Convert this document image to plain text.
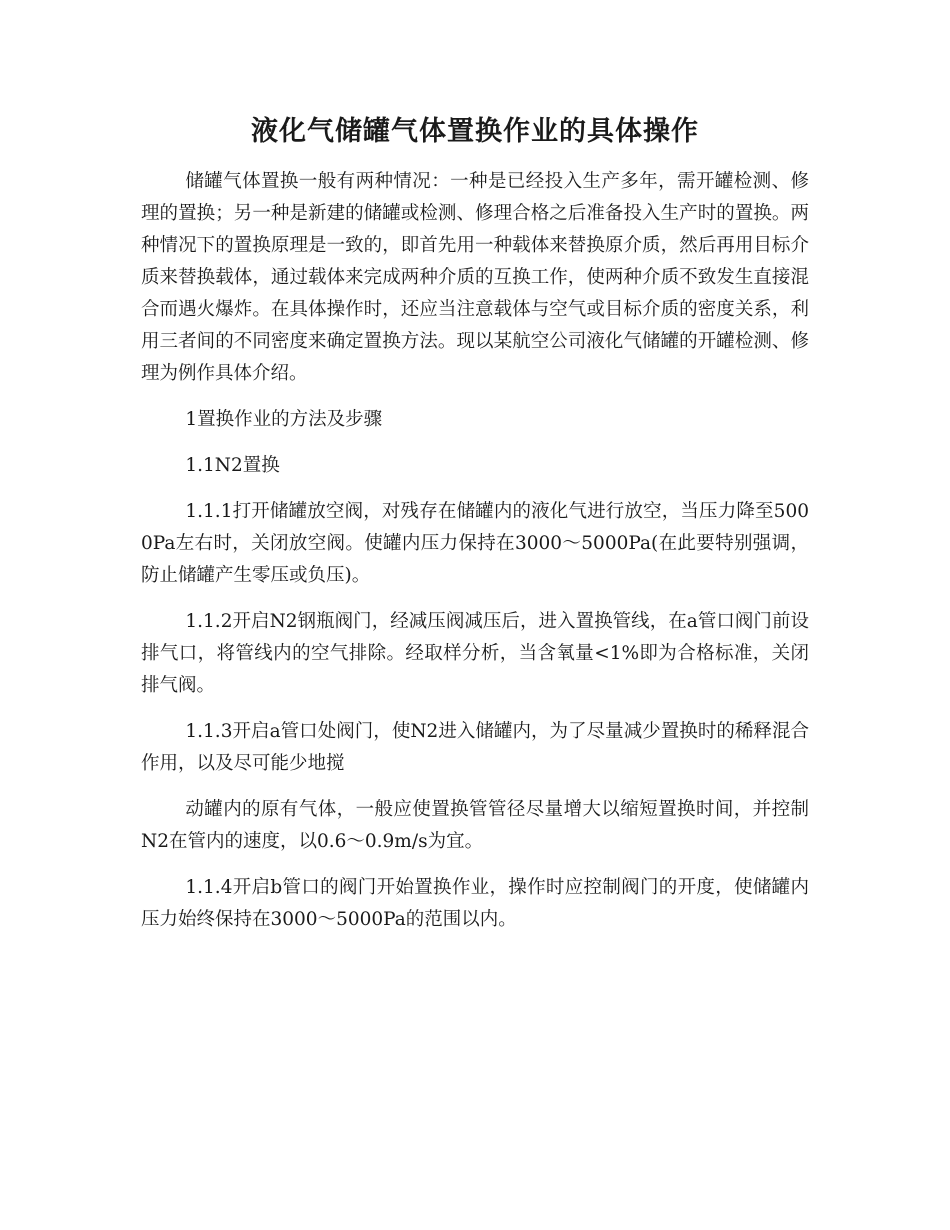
液化气储罐气体置换作业的具体操作

储罐气体置换一般有两种情况：一种是已经投入生产多年，需开罐检测、修理的置换；另一种是新建的储罐或检测、修理合格之后准备投入生产时的置换。两种情况下的置换原理是一致的，即首先用一种载体来替换原介质，然后再用目标介质来替换载体，通过载体来完成两种介质的互换工作，使两种介质不致发生直接混合而遇火爆炸。在具体操作时，还应当注意载体与空气或目标介质的密度关系，利用三者间的不同密度来确定置换方法。现以某航空公司液化气储罐的开罐检测、修理为例作具体介绍。

1置换作业的方法及步骤

1.1N2置换

1.1.1打开储罐放空阀，对残存在储罐内的液化气进行放空，当压力降至5000Pa左右时，关闭放空阀。使罐内压力保持在3000～5000Pa(在此要特别强调，防止储罐产生零压或负压)。

1.1.2开启N2钢瓶阀门，经减压阀减压后，进入置换管线，在a管口阀门前设排气口，将管线内的空气排除。经取样分析，当含氧量<1%即为合格标准，关闭排气阀。

1.1.3开启a管口处阀门，使N2进入储罐内，为了尽量减少置换时的稀释混合作用，以及尽可能少地搅

动罐内的原有气体，一般应使置换管管径尽量增大以缩短置换时间，并控制N2在管内的速度，以0.6～0.9m/s为宜。

1.1.4开启b管口的阀门开始置换作业，操作时应控制阀门的开度，使储罐内压力始终保持在3000～5000Pa的范围以内。
